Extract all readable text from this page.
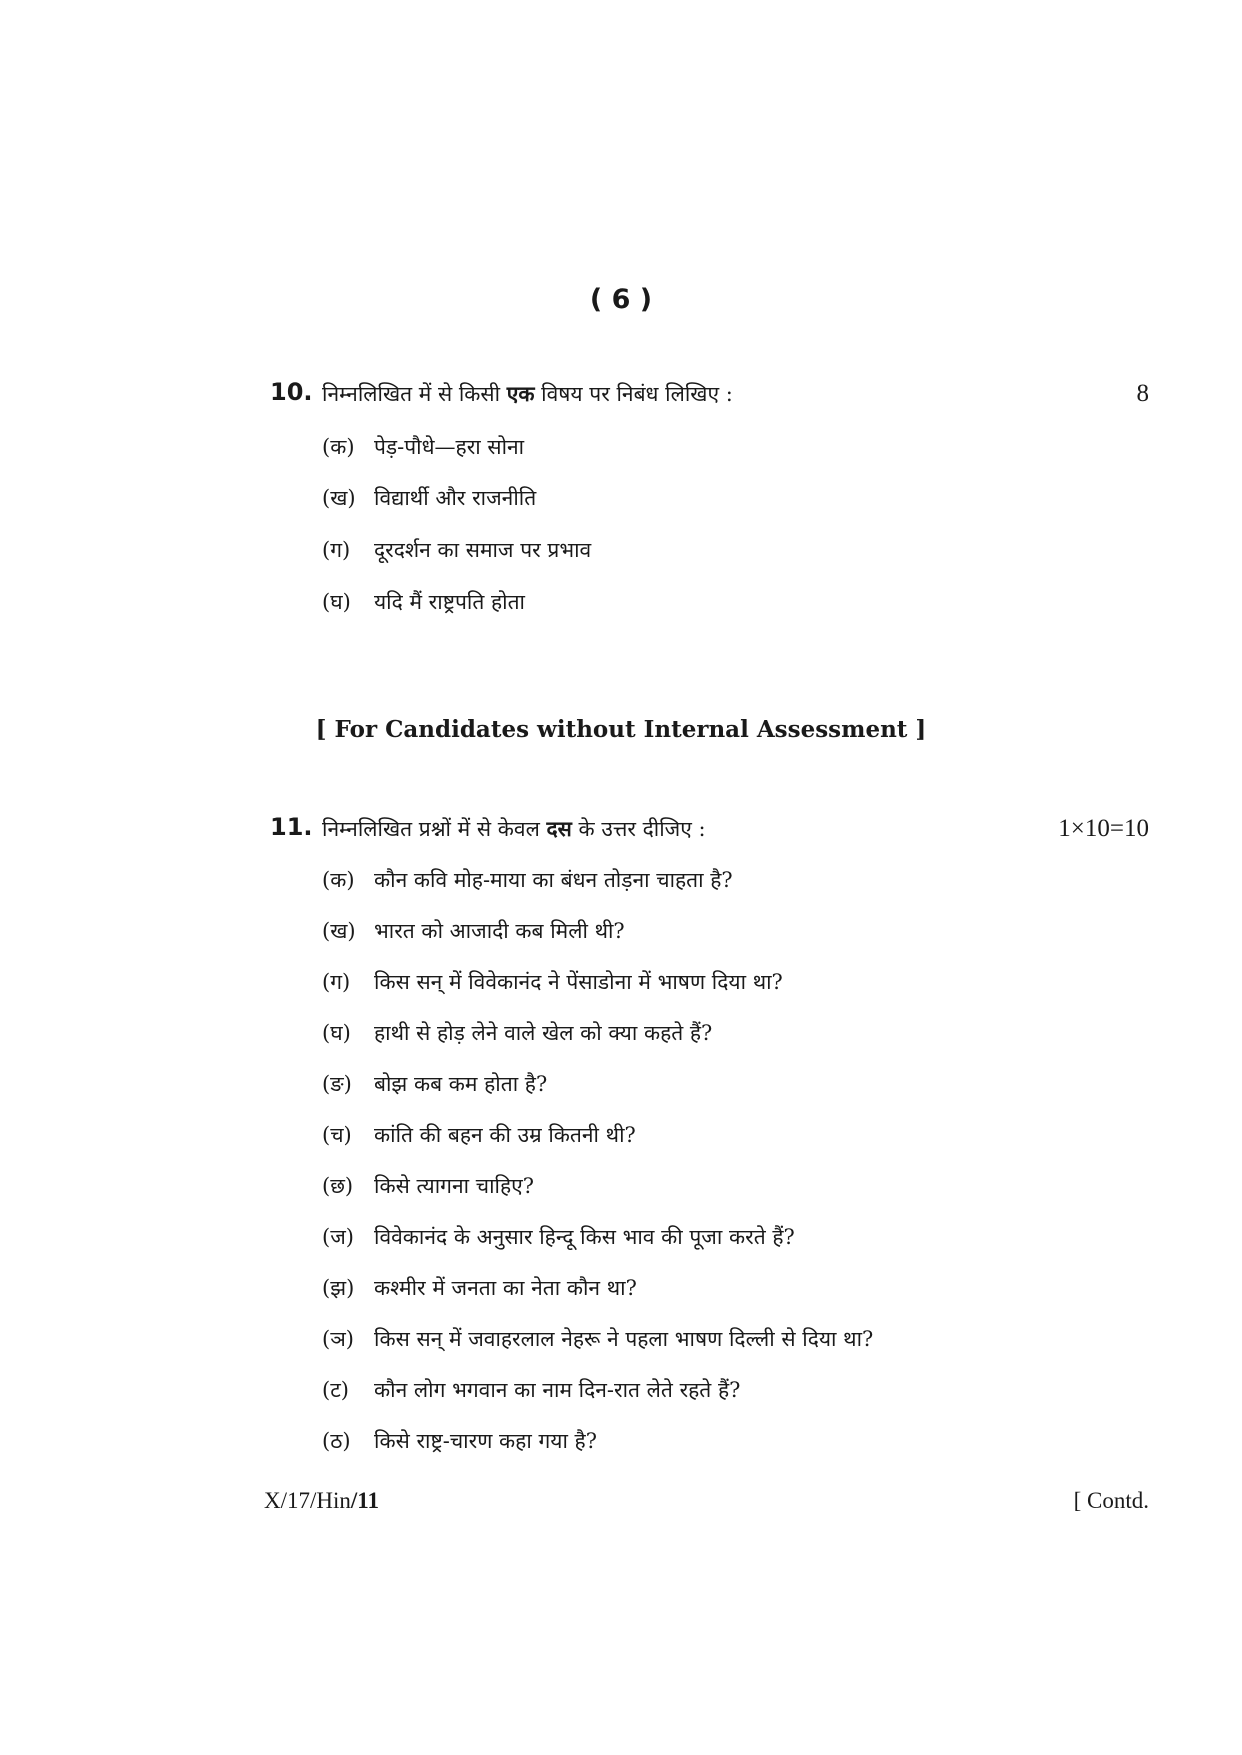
( 6 )
10. निम्नलिखित में से किसी एक विषय पर निबंध लिखिए :	8
(क) पेड़-पौधे—हरा सोना
(ख) विद्यार्थी और राजनीति
(ग) दूरदर्शन का समाज पर प्रभाव
(घ) यदि मैं राष्ट्रपति होता
[ For Candidates without Internal Assessment ]
11. निम्नलिखित प्रश्नों में से केवल दस के उत्तर दीजिए :	1×10=10
(क) कौन कवि मोह-माया का बंधन तोड़ना चाहता है?
(ख) भारत को आजादी कब मिली थी?
(ग) किस सन् में विवेकानंद ने पेंसाडोना में भाषण दिया था?
(घ) हाथी से होड़ लेने वाले खेल को क्या कहते हैं?
(ङ) बोझ कब कम होता है?
(च) कांति की बहन की उम्र कितनी थी?
(छ) किसे त्यागना चाहिए?
(ज) विवेकानंद के अनुसार हिन्दू किस भाव की पूजा करते हैं?
(झ) कश्मीर में जनता का नेता कौन था?
(ञ) किस सन् में जवाहरलाल नेहरू ने पहला भाषण दिल्ली से दिया था?
(ट) कौन लोग भगवान का नाम दिन-रात लेते रहते हैं?
(ठ) किसे राष्ट्र-चारण कहा गया है?
X/17/Hin/11	[ Contd.
